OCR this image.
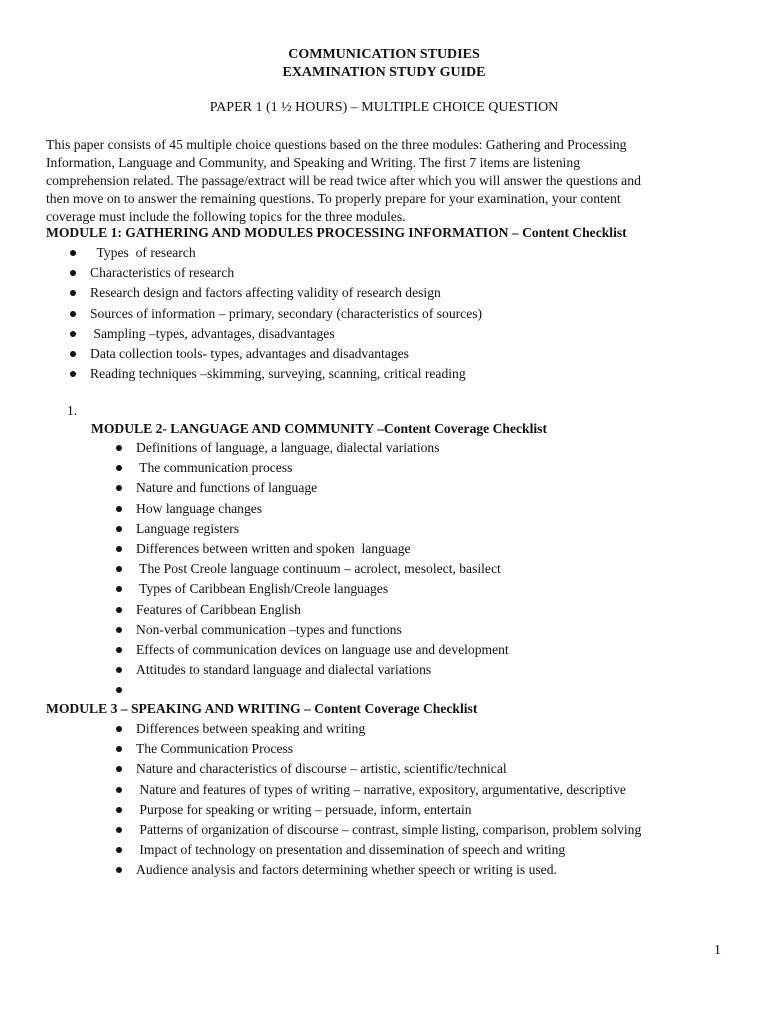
COMMUNICATION STUDIES
EXAMINATION STUDY GUIDE
PAPER 1 (1 ½ HOURS) – MULTIPLE CHOICE QUESTION
This paper consists of 45 multiple choice questions based on the three modules: Gathering and Processing
Information, Language and Community, and Speaking and Writing. The first 7 items are listening
comprehension related. The passage/extract will be read twice after which you will answer the questions and
then move on to answer the remaining questions. To properly prepare for your examination, your content
coverage must include the following topics for the three modules.
MODULE 1: GATHERING AND MODULES PROCESSING INFORMATION – Content Checklist
Types  of research
Characteristics of research
Research design and factors affecting validity of research design
Sources of information – primary, secondary (characteristics of sources)
Sampling –types, advantages, disadvantages
Data collection tools- types, advantages and disadvantages
Reading techniques –skimming, surveying, scanning, critical reading
1.
MODULE 2- LANGUAGE AND COMMUNITY –Content Coverage Checklist
Definitions of language, a language, dialectal variations
The communication process
Nature and functions of language
How language changes
Language registers
Differences between written and spoken  language
The Post Creole language continuum – acrolect, mesolect, basilect
Types of Caribbean English/Creole languages
Features of Caribbean English
Non-verbal communication –types and functions
Effects of communication devices on language use and development
Attitudes to standard language and dialectal variations
MODULE 3 – SPEAKING AND WRITING – Content Coverage Checklist
Differences between speaking and writing
The Communication Process
Nature and characteristics of discourse – artistic, scientific/technical
Nature and features of types of writing – narrative, expository, argumentative, descriptive
Purpose for speaking or writing – persuade, inform, entertain
Patterns of organization of discourse – contrast, simple listing, comparison, problem solving
Impact of technology on presentation and dissemination of speech and writing
Audience analysis and factors determining whether speech or writing is used.
1
